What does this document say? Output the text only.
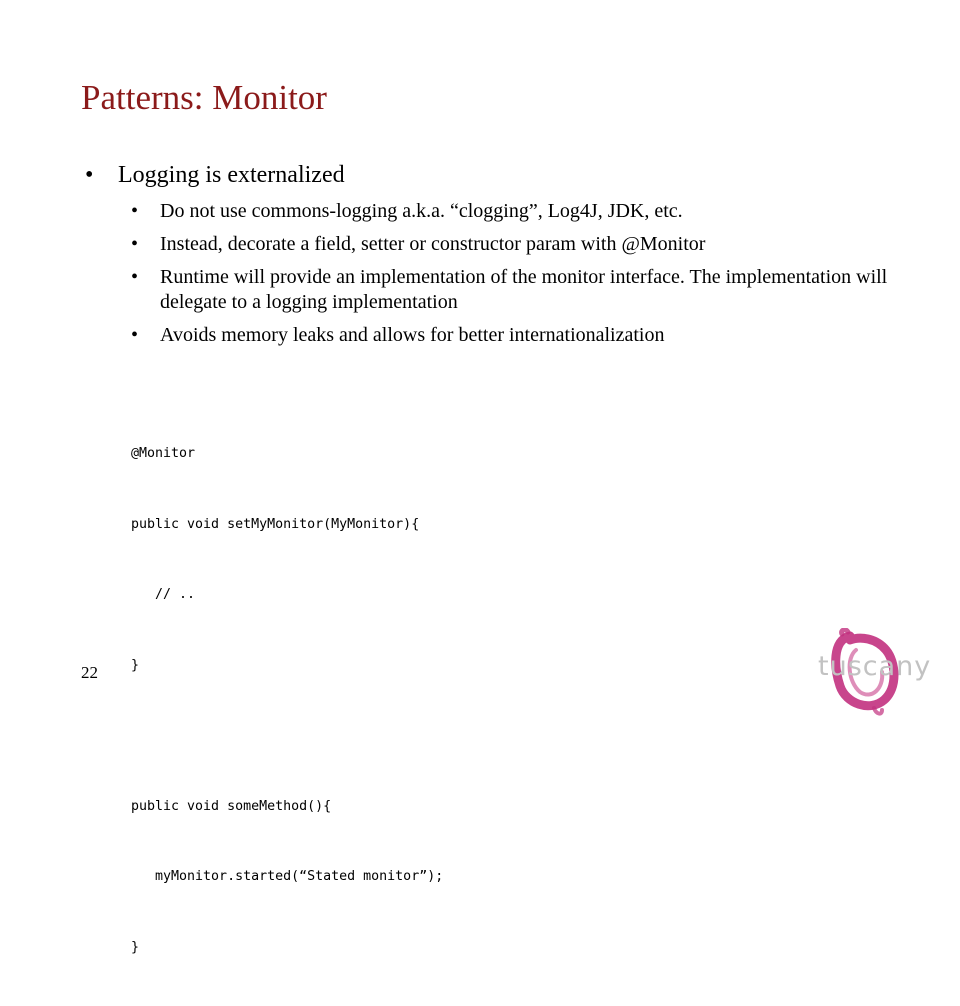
Patterns: Monitor
• Logging is externalized
• Do not use commons-logging a.k.a. “clogging”, Log4J, JDK, etc.
• Instead, decorate a field, setter or constructor param with @Monitor
• Runtime will provide an implementation of the monitor interface. The implementation will delegate to a logging implementation
• Avoids memory leaks and allows for better internationalization

@Monitor

public void setMyMonitor(MyMonitor){

// ..

}

public void someMethod(){

myMonitor.started(“Stated monitor”);

}

22	tuscany
